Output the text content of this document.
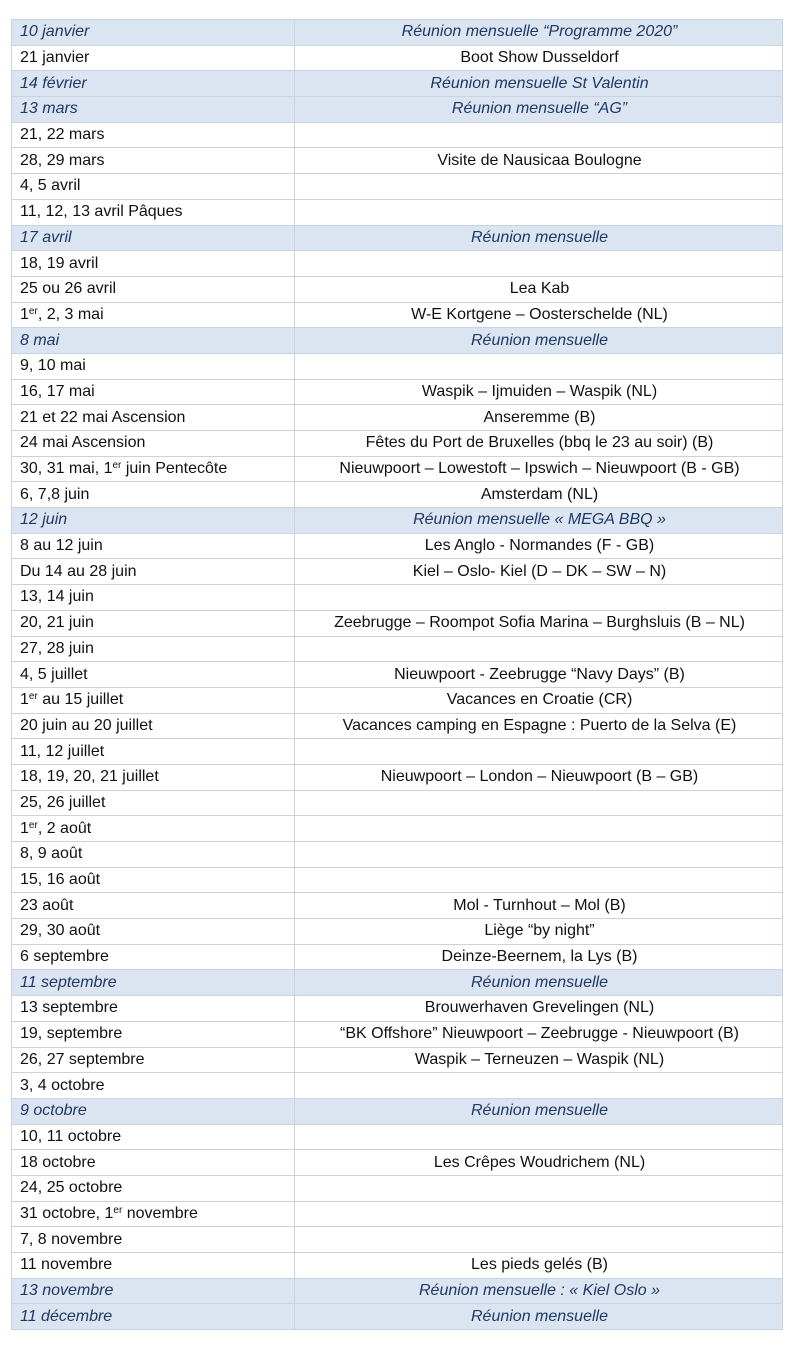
10 janvier	Réunion mensuelle “Programme 2020”
21 janvier	Boot Show Dusseldorf
14 février	Réunion mensuelle St Valentin
13 mars	Réunion mensuelle “AG”
21, 22 mars	
28, 29 mars	Visite de Nausicaa Boulogne
4, 5 avril	
11, 12, 13 avril Pâques	
17 avril	Réunion mensuelle
18, 19 avril	
25 ou 26 avril	Lea Kab
1er, 2, 3 mai	W-E Kortgene – Oosterschelde (NL)
8 mai	Réunion mensuelle
9, 10 mai	
16, 17 mai	Waspik – Ijmuiden – Waspik (NL)
21 et 22 mai Ascension	Anseremme (B)
24 mai Ascension	Fêtes du Port de Bruxelles (bbq le 23 au soir) (B)
30, 31 mai, 1er juin Pentecôte	Nieuwpoort – Lowestoft – Ipswich – Nieuwpoort (B - GB)
6, 7,8 juin	Amsterdam (NL)
12 juin	Réunion mensuelle « MEGA BBQ »
8 au 12 juin	Les Anglo - Normandes (F - GB)
Du 14 au 28 juin	Kiel – Oslo- Kiel (D – DK – SW – N)
13, 14 juin	
20, 21 juin	Zeebrugge – Roompot Sofia Marina – Burghsluis (B – NL)
27, 28 juin	
4, 5 juillet	Nieuwpoort - Zeebrugge “Navy Days” (B)
1er au 15 juillet	Vacances en Croatie (CR)
20 juin au 20 juillet	Vacances camping en Espagne : Puerto de la Selva (E)
11, 12 juillet	
18, 19, 20, 21 juillet	Nieuwpoort – London – Nieuwpoort (B – GB)
25, 26 juillet	
1er, 2 août	
8, 9 août	
15, 16 août	
23 août	Mol - Turnhout – Mol (B)
29, 30 août	Liège “by night”
6 septembre	Deinze-Beernem, la Lys (B)
11 septembre	Réunion mensuelle
13 septembre	Brouwerhaven Grevelingen (NL)
19, septembre	“BK Offshore” Nieuwpoort – Zeebrugge - Nieuwpoort (B)
26, 27 septembre	Waspik – Terneuzen – Waspik (NL)
3, 4 octobre	
9 octobre	Réunion mensuelle
10, 11 octobre	
18 octobre	Les Crêpes Woudrichem (NL)
24, 25 octobre	
31 octobre, 1er novembre	
7, 8 novembre	
11 novembre	Les pieds gelés (B)
13 novembre	Réunion mensuelle : « Kiel Oslo »
11 décembre	Réunion mensuelle
